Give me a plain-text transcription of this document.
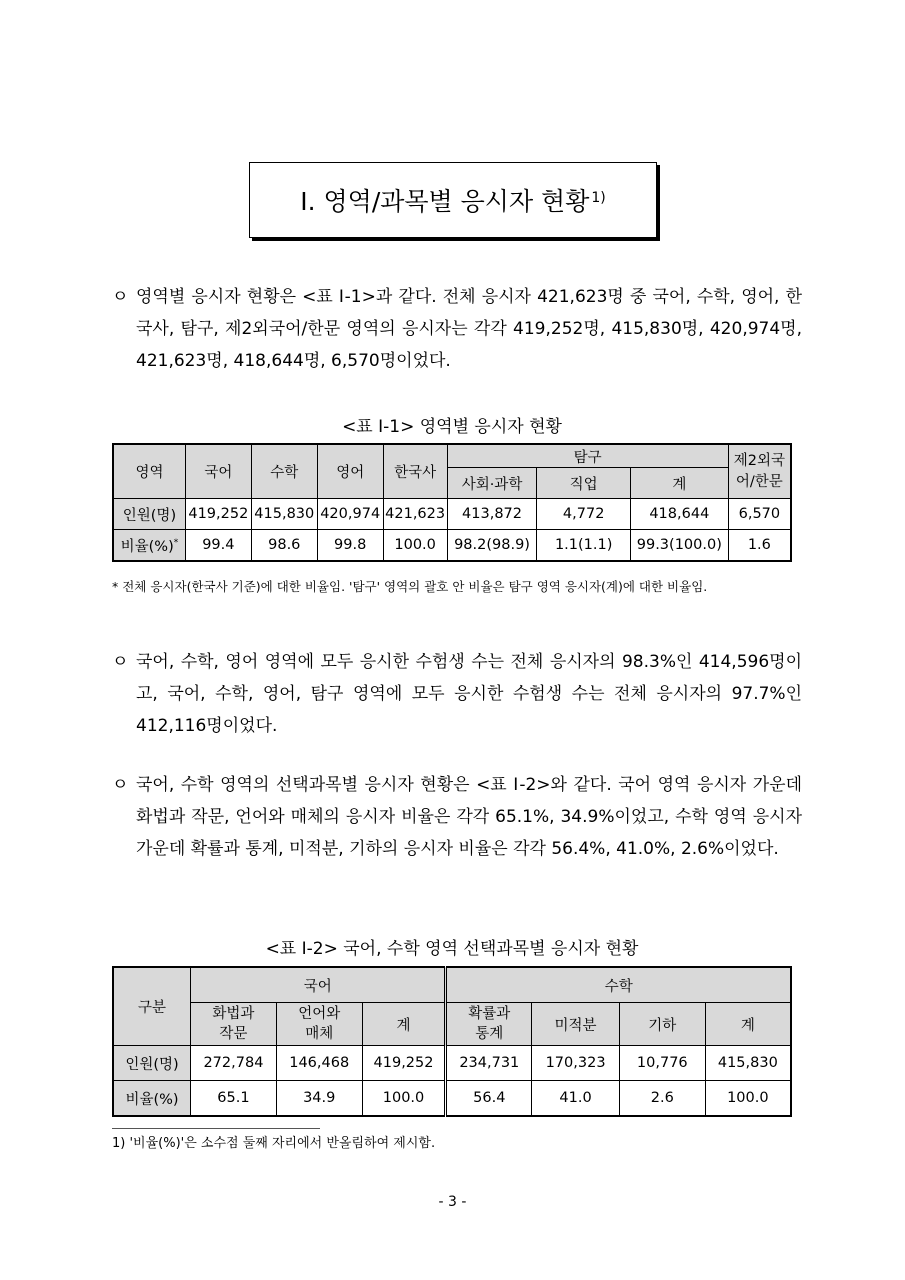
Ⅰ. 영역/과목별 응시자 현황$^{1)}$
ㅇ 영역별 응시자 현황은 <표 Ⅰ-1>과 같다. 전체 응시자 421,623명 중 국어, 수학, 영어, 한국사, 탐구, 제2외국어/한문 영역의 응시자는 각각 419,252명, 415,830명, 420,974명, 421,623명, 418,644명, 6,570명이었다.
<표 Ⅰ-1> 영역별 응시자 현황
영역	국어	수학	영어	한국사	탐구			제2외국어/한문
					사회·과학	직업	계	
인원(명)	419,252	415,830	420,974	421,623	413,872	4,772	418,644	6,570
비율(%)*	99.4	98.6	99.8	100.0	98.2(98.9)	1.1(1.1)	99.3(100.0)	1.6
* 전체 응시자(한국사 기준)에 대한 비율임. '탐구' 영역의 괄호 안 비율은 탐구 영역 응시자(계)에 대한 비율임.
ㅇ 국어, 수학, 영어 영역에 모두 응시한 수험생 수는 전체 응시자의 98.3%인 414,596명이고, 국어, 수학, 영어, 탐구 영역에 모두 응시한 수험생 수는 전체 응시자의 97.7%인 412,116명이었다.
ㅇ 국어, 수학 영역의 선택과목별 응시자 현황은 <표 Ⅰ-2>와 같다. 국어 영역 응시자 가운데 화법과 작문, 언어와 매체의 응시자 비율은 각각 65.1%, 34.9%이었고, 수학 영역 응시자 가운데 확률과 통계, 미적분, 기하의 응시자 비율은 각각 56.4%, 41.0%, 2.6%이었다.
<표 Ⅰ-2> 국어, 수학 영역 선택과목별 응시자 현황
구분	국어			수학			
	화법과 작문	언어와 매체	계	확률과 통계	미적분	기하	계
인원(명)	272,784	146,468	419,252	234,731	170,323	10,776	415,830
비율(%)	65.1	34.9	100.0	56.4	41.0	2.6	100.0
1) '비율(%)'은 소수점 둘째 자리에서 반올림하여 제시함.
- 3 -
